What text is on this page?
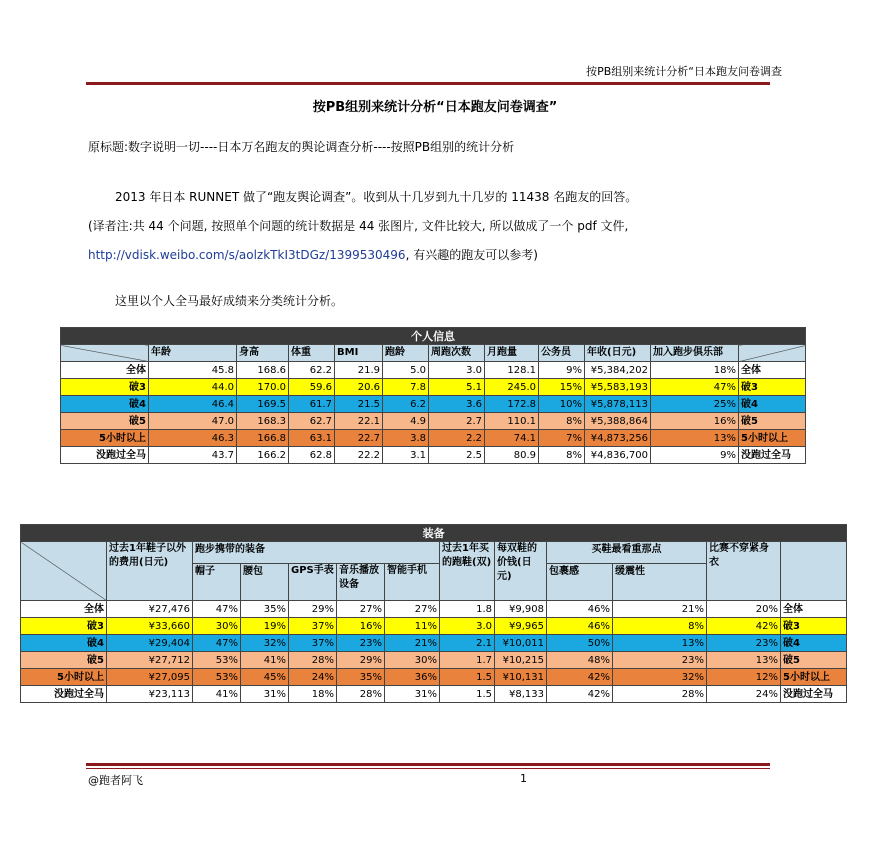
按PB组别来统计分析“日本跑友问卷调查
按PB组别来统计分析“日本跑友问卷调查”
原标题:数字说明一切----日本万名跑友的舆论调查分析----按照PB组别的统计分析
2013 年日本 RUNNET 做了“跑友舆论调查”。收到从十几岁到九十几岁的 11438 名跑友的回答。
(译者注:共 44 个问题, 按照单个问题的统计数据是 44 张图片, 文件比较大, 所以做成了一个 pdf 文件,
http://vdisk.weibo.com/s/aolzkTkI3tDGz/1399530496, 有兴趣的跑友可以参考)
这里以个人全马最好成绩来分类统计分析。
个人信息											
	年龄	身高	体重	BMI	跑龄	周跑次数	月跑量	公务员	年收(日元)	加入跑步俱乐部	
全体	45.8	168.6	62.2	21.9	5.0	3.0	128.1	9%	¥5,384,202	18%	全体
破3	44.0	170.0	59.6	20.6	7.8	5.1	245.0	15%	¥5,583,193	47%	破3
破4	46.4	169.5	61.7	21.5	6.2	3.6	172.8	10%	¥5,878,113	25%	破4
破5	47.0	168.3	62.7	22.1	4.9	2.7	110.1	8%	¥5,388,864	16%	破5
5小时以上	46.3	166.8	63.1	22.7	3.8	2.2	74.1	7%	¥4,873,256	13%	5小时以上
没跑过全马	43.7	166.2	62.8	22.2	3.1	2.5	80.9	8%	¥4,836,700	9%	没跑过全马
装备												
	过去1年鞋子以外的费用(日元)	跑步携带的装备					过去1年买的跑鞋(双)	每双鞋的价钱(日元)	买鞋最看重那点		比赛不穿紧身衣	
		帽子	腰包	GPS手表	音乐播放设备	智能手机			包裹感	缓震性		
全体	¥27,476	47%	35%	29%	27%	27%	1.8	¥9,908	46%	21%	20%	全体
破3	¥33,660	30%	19%	37%	16%	11%	3.0	¥9,965	46%	8%	42%	破3
破4	¥29,404	47%	32%	37%	23%	21%	2.1	¥10,011	50%	13%	23%	破4
破5	¥27,712	53%	41%	28%	29%	30%	1.7	¥10,215	48%	23%	13%	破5
5小时以上	¥27,095	53%	45%	24%	35%	36%	1.5	¥10,131	42%	32%	12%	5小时以上
没跑过全马	¥23,113	41%	31%	18%	28%	31%	1.5	¥8,133	42%	28%	24%	没跑过全马
@跑者阿飞	1
